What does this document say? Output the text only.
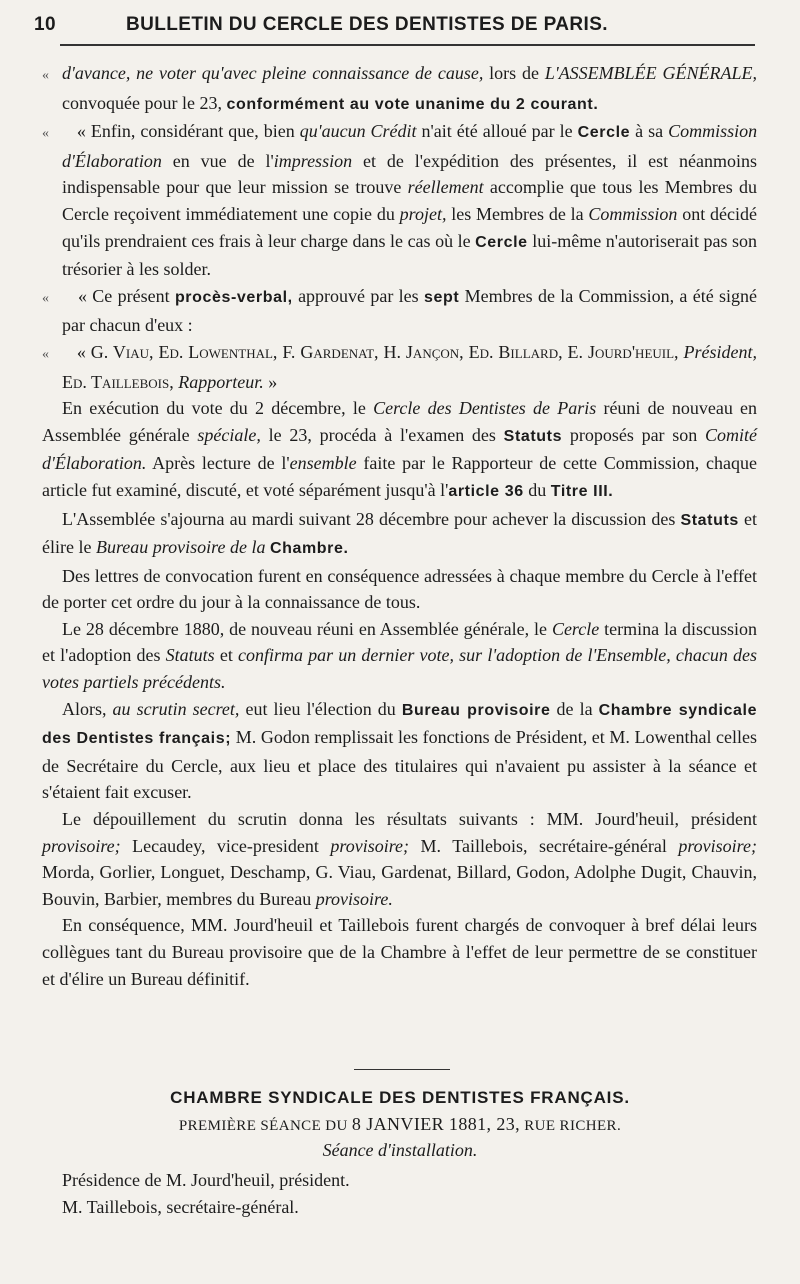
10	BULLETIN DU CERCLE DES DENTISTES DE PARIS.

« d'avance, ne voter qu'avec pleine connaissance de cause, lors de L'ASSEMBLÉE GÉNÉRALE, convoquée pour le 23, conformément au vote unanime du 2 courant.

«   « Enfin, considérant que, bien qu'aucun Crédit n'ait été alloué par le Cercle à sa Commission d'Élaboration en vue de l'impression et de l'expédition des présentes, il est néanmoins indispensable pour que leur mission se trouve réellement accomplie que tous les Membres du Cercle reçoivent immédiatement une copie du projet, les Membres de la Commission ont décidé qu'ils prendraient ces frais à leur charge dans le cas où le Cercle lui-même n'autoriserait pas son trésorier à les solder.

«   « Ce présent procès-verbal, approuvé par les sept Membres de la Commission, a été signé par chacun d'eux :

«   « G. Viau, Ed. Lowenthal, F. Gardenat, H. Jançon, Ed. Billard, E. Jourd'heuil, Président, Ed. Taillebois, Rapporteur. »

En exécution du vote du 2 décembre, le Cercle des Dentistes de Paris réuni de nouveau en Assemblée générale spéciale, le 23, procéda à l'examen des Statuts proposés par son Comité d'Élaboration. Après lecture de l'ensemble faite par le Rapporteur de cette Commission, chaque article fut examiné, discuté, et voté séparément jusqu'à l'article 36 du Titre III.

L'Assemblée s'ajourna au mardi suivant 28 décembre pour achever la discussion des Statuts et élire le Bureau provisoire de la Chambre.

Des lettres de convocation furent en conséquence adressées à chaque membre du Cercle à l'effet de porter cet ordre du jour à la connaissance de tous.

Le 28 décembre 1880, de nouveau réuni en Assemblée générale, le Cercle termina la discussion et l'adoption des Statuts et confirma par un dernier vote, sur l'adoption de l'Ensemble, chacun des votes partiels précédents.

Alors, au scrutin secret, eut lieu l'élection du Bureau provisoire de la Chambre syndicale des Dentistes français; M. Godon remplissait les fonctions de Président, et M. Lowenthal celles de Secrétaire du Cercle, aux lieu et place des titulaires qui n'avaient pu assister à la séance et s'étaient fait excuser.

Le dépouillement du scrutin donna les résultats suivants : MM. Jourd'heuil, président provisoire; Lecaudey, vice-president provisoire; M. Taillebois, secrétaire-général provisoire; Morda, Gorlier, Longuet, Deschamp, G. Viau, Gardenat, Billard, Godon, Adolphe Dugit, Chauvin, Bouvin, Barbier, membres du Bureau provisoire.

En conséquence, MM. Jourd'heuil et Taillebois furent chargés de convoquer à bref délai leurs collègues tant du Bureau provisoire que de la Chambre à l'effet de leur permettre de se constituer et d'élire un Bureau définitif.

CHAMBRE SYNDICALE DES DENTISTES FRANÇAIS.
PREMIÈRE SÉANCE DU 8 JANVIER 1881, 23, RUE RICHER.
Séance d'installation.
Présidence de M. Jourd'heuil, président.
M. Taillebois, secrétaire-général.
